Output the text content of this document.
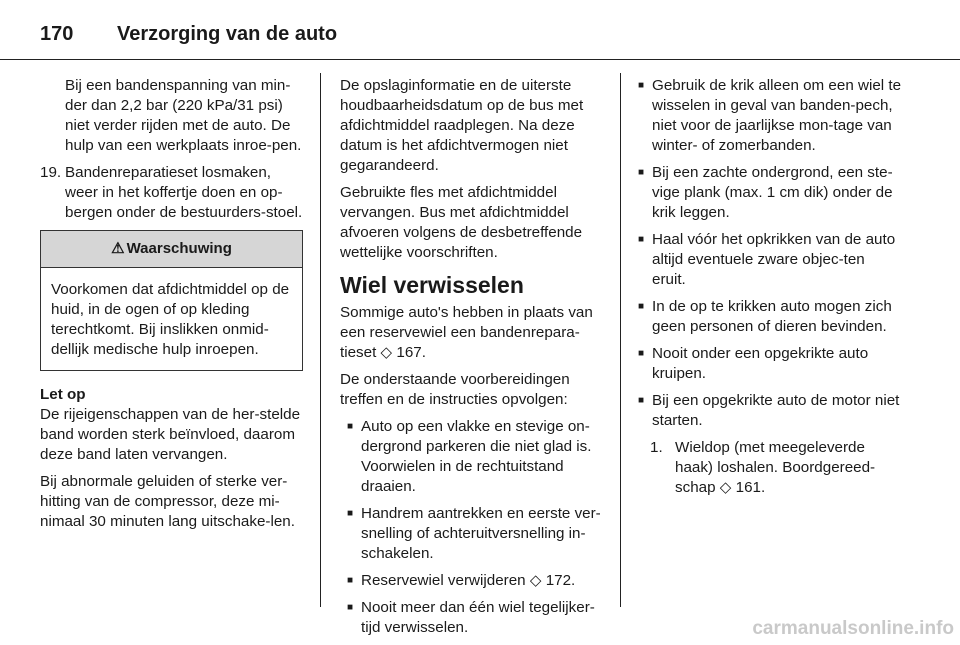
170	Verzorging van de auto

Bij een bandenspanning van min-der dan 2,2 bar (220 kPa/31 psi) niet verder rijden met de auto. De hulp van een werkplaats inroe-pen.

19. Bandenreparatieset losmaken, weer in het koffertje doen en op-bergen onder de bestuurders-stoel.
⚠ Waarschuwing
Voorkomen dat afdichtmiddel op de huid, in de ogen of op kleding terechtkomt. Bij inslikken onmid-dellijk medische hulp inroepen.
Let op

De rijeigenschappen van de her-stelde band worden sterk beïnvloed, daarom deze band laten vervangen.

Bij abnormale geluiden of sterke ver-hitting van de compressor, deze mi-nimaal 30 minuten lang uitschake-len.

De opslaginformatie en de uiterste houdbaarheidsdatum op de bus met afdichtmiddel raadplegen. Na deze datum is het afdichtvermogen niet gegarandeerd.

Gebruikte fles met afdichtmiddel vervangen. Bus met afdichtmiddel afvoeren volgens de desbetreffende wettelijke voorschriften.

Wiel verwisselen

Sommige auto's hebben in plaats van een reservewiel een bandenrepara-tieset ◇ 167.

De onderstaande voorbereidingen treffen en de instructies opvolgen:

■ Auto op een vlakke en stevige on-dergrond parkeren die niet glad is. Voorwielen in de rechtuitstand draaien.
■ Handrem aantrekken en eerste ver-snelling of achteruitversnelling in-schakelen.
■ Reservewiel verwijderen ◇ 172.
■ Nooit meer dan één wiel tegelijker-tijd verwisselen.
■ Gebruik de krik alleen om een wiel te wisselen in geval van banden-pech, niet voor de jaarlijkse mon-tage van winter- of zomerbanden.
■ Bij een zachte ondergrond, een ste-vige plank (max. 1 cm dik) onder de krik leggen.
■ Haal vóór het opkrikken van de auto altijd eventuele zware objec-ten eruit.
■ In de op te krikken auto mogen zich geen personen of dieren bevinden.
■ Nooit onder een opgekrikte auto kruipen.
■ Bij een opgekrikte auto de motor niet starten.
1. Wieldop (met meegeleverde haak) loshalen. Boordgereed-schap ◇ 161.
carmanualsonline.info
